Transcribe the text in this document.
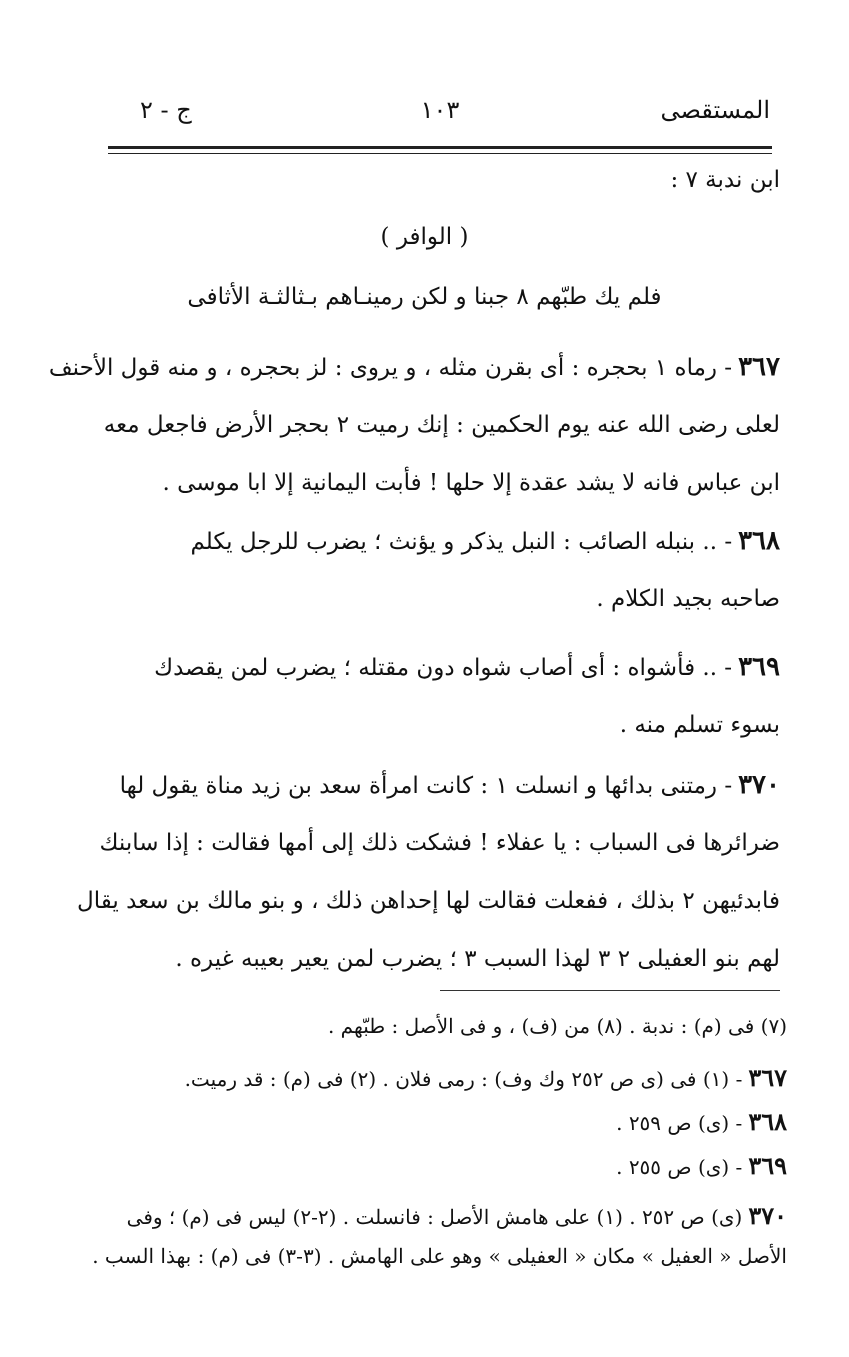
المستقصى
١٠٣
ج - ٢
ابن ندبة ٧ :
( الوافر )
فلم يك طبّهم ٨ جبنا و لكن رمينـاهم بـثالثـة الأثافى
٣٦٧- رماه ١ بحجره : أى بقرن مثله ، و يروى : لز بحجره ، و منه قول الأحنف
لعلى رضى الله عنه يوم الحكمين : إنك رميت ٢ بحجر الأرض فاجعل معه
ابن عباس فانه لا يشد عقدة إلا حلها ! فأبت اليمانية إلا ابا موسى .
٣٦٨- .. بنبله الصائب : النبل يذكر و يؤنث ؛ يضرب للرجل يكلم
صاحبه بجيد الكلام .
٣٦٩- .. فأشواه : أى أصاب شواه دون مقتله ؛ يضرب لمن يقصدك
بسوء تسلم منه .
٣٧٠- رمتنى بدائها و انسلت ١ : كانت امرأة سعد بن زيد مناة يقول لها
ضرائرها فى السباب : يا عفلاء ! فشكت ذلك إلى أمها فقالت : إذا سابنك
فابدئيهن ٢ بذلك ، ففعلت فقالت لها إحداهن ذلك ، و بنو مالك بن سعد يقال
لهم بنو العفيلى ٢ ٣ لهذا السبب ٣ ؛ يضرب لمن يعير بعيبه غيره .
(٧) فى (م) : ندبة . (٨) من (ف) ، و فى الأصل : طبّهم .
٣٦٧- (١) فى (ى ص ٢٥٢ وك وف) : رمى فلان . (٢) فى (م) : قد رميت.
٣٦٨- (ى) ص ٢٥٩ .
٣٦٩- (ى) ص ٢٥٥ .
٣٧٠(ى) ص ٢٥٢ . (١) على هامش الأصل : فانسلت . (٢-٢) ليس فى (م) ؛ وفى
الأصل « العفيل » مكان « العفيلى » وهو على الهامش . (٣-٣) فى (م) : بهذا السب .
